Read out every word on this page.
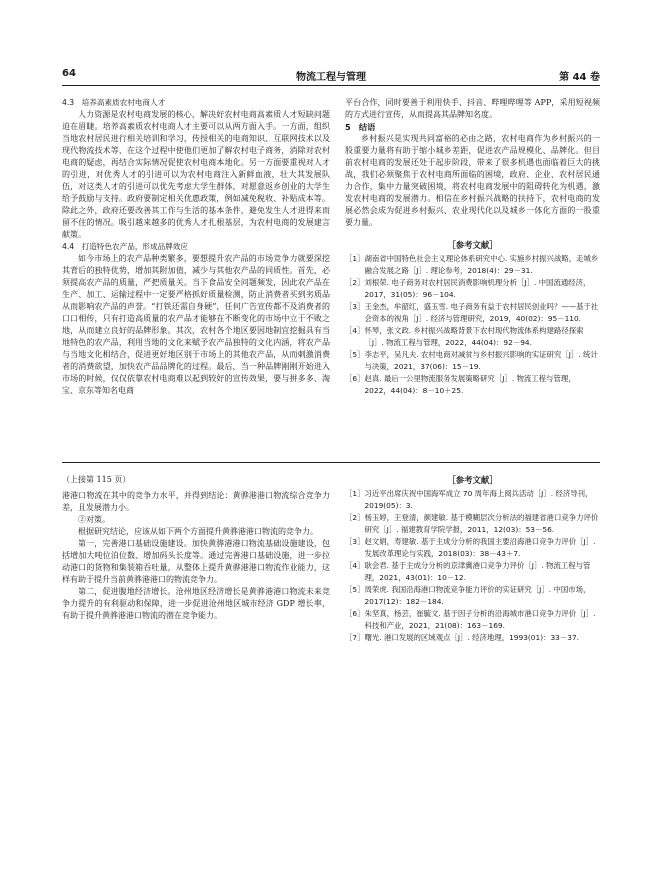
64	物流工程与管理	第 44 卷

4.3　培养高素质农村电商人才

人力资源是农村电商发展的核心，解决好农村电商高素质人才短缺问题迫在眉睫。培养高素质农村电商人才主要可以从两方面入手。一方面，组织当地农村居民进行相关培训和学习，传授相关的电商知识、互联网技术以及现代物流技术等，在这个过程中使他们更加了解农村电子商务，消除对农村电商的疑虑，再结合实际情况促使农村电商本地化。另一方面要重视对人才的引进，对优秀人才的引进可以为农村电商注入新鲜血液，壮大其发展队伍，对这类人才的引进可以优先考虑大学生群体，对愿意返乡创业的大学生给予鼓励与支持。政府要制定相关优惠政策，例如减免税收、补贴成本等。除此之外，政府还要改善其工作与生活的基本条件，避免发生人才进得来而留不住的情况。吸引越来越多的优秀人才扎根基层，为农村电商的发展建言献策。

4.4　打造特色农产品，形成品牌效应

如今市场上的农产品种类繁多，要想提升农产品的市场竞争力就要深挖其背后的独特优势，增加其附加值，减少与其他农产品的同质性。首先，必须提高农产品的质量，严把质量关。当下食品安全问题频发，因此农产品在生产、加工、运输过程中一定要严格抓好质量检测，防止消费者买到劣质品从而影响农产品的声誉。“打铁还需自身硬”，任何广告宣传都不及消费者的口口相传，只有打造高质量的农产品才能够在不断变化的市场中立于不败之地，从而建立良好的品牌形象。其次，农村各个地区要因地制宜挖掘具有当地特色的农产品，利用当地的文化来赋予农产品独特的文化内涵，将农产品与当地文化相结合，促进更好地区别于市场上的其他农产品，从而刺激消费者的消费欲望，加快农产品品牌化的过程。最后，当一种品牌刚刚开始进入市场的时候，仅仅依靠农村电商难以起到较好的宣传效果，要与拼多多、淘宝、京东等知名电商

平台合作，同时要善于利用快手、抖音、哔哩哔哩等 APP，采用短视频的方式进行宣传，从而提高其品牌知名度。

5　结语

乡村振兴是实现共同富裕的必由之路，农村电商作为乡村振兴的一股重要力量将有助于缩小城乡差距，促进农产品规模化、品牌化。但目前农村电商的发展还处于起步阶段，带来了很多机遇也面临着巨大的挑战，我们必须聚焦于农村电商所面临的困境，政府、企业、农村居民通力合作，集中力量突破困境，将农村电商发展中的阻碍转化为机遇，激发农村电商的发展潜力。相信在乡村振兴战略的扶持下，农村电商的发展必然会成为促进乡村振兴、农业现代化以及城乡一体化方面的一股重要力量。

［参考文献］

［1］ 湖南省中国特色社会主义理论体系研究中心. 实施乡村振兴战略，走城乡融合发展之路［J］. 理论参考，2018(4)：29－31.
［2］ 刘根荣. 电子商务对农村居民消费影响机理分析［J］. 中国流通经济，2017，31(05)：96－104.
［3］ 王金杰，牟韶红，盛玉雪. 电子商务有益于农村居民创业吗？——基于社会资本的视角［J］. 经济与管理研究，2019，40(02)：95－110.
［4］ 怀琴，张文政. 乡村振兴战略背景下农村现代物流体系构建路径探索［J］. 物流工程与管理，2022，44(04)：92－94.
［5］ 李志平，吴凡夫. 农村电商对减贫与乡村振兴影响的实证研究［J］. 统计与决策，2021，37(06)：15－19.
［6］ 赵真. 最后一公里物流服务发展策略研究［J］. 物流工程与管理，2022，44(04)：8－10＋25.

（上接第 115 页）

港港口物流在其中的竞争力水平，并得到结论：黄骅港港口物流综合竞争力差，且发展潜力小。

②对策。

根据研究结论，应该从如下两个方面提升黄骅港港口物流的竞争力。

第一，完善港口基础设施建设。加快黄骅港港口物流基础设施建设，包括增加大吨位泊位数、增加码头长度等。通过完善港口基础设施，进一步拉动港口的货物和集装箱吞吐量，从整体上提升黄骅港港口物流作业能力，这样有助于提升当前黄骅港港口的物流竞争力。

第二，促进腹地经济增长。沧州地区经济增长是黄骅港港口物流未来竞争力提升的有利驱动和保障，进一步促进沧州地区城市经济 GDP 增长率，有助于提升黄骅港港口物流的潜在竞争能力。

［参考文献］

［1］ 习近平出席庆祝中国海军成立 70 周年海上阅兵活动［J］. 经济导刊，2019(05)：3.
［2］ 杨玉婷，王登清，颜建敏. 基于模糊层次分析法的福建省港口竞争力评价研究［J］. 福建教育学院学报，2011，12(03)：53－56.
［3］ 赵文娟，寿建敏. 基于主成分分析的我国主要沿海港口竞争力评价［J］. 发展改革理论与实践，2018(03)：38－43＋7.
［4］ 耿会君. 基于主成分分析的京津冀港口竞争力评价［J］. 物流工程与管理，2021，43(01)：10－12.
［5］ 周荣虎. 我国沿海港口物流竞争能力评价的实证研究［J］. 中国市场，2017(12)：182－184.
［6］ 朱坚真，杨芸，崔毓文. 基于因子分析的沿海城市港口竞争力评价［J］. 科技和产业，2021，21(08)：163－169.
［7］ 曙光. 港口发展的区域观点［J］. 经济地理，1993(01)：33－37.
